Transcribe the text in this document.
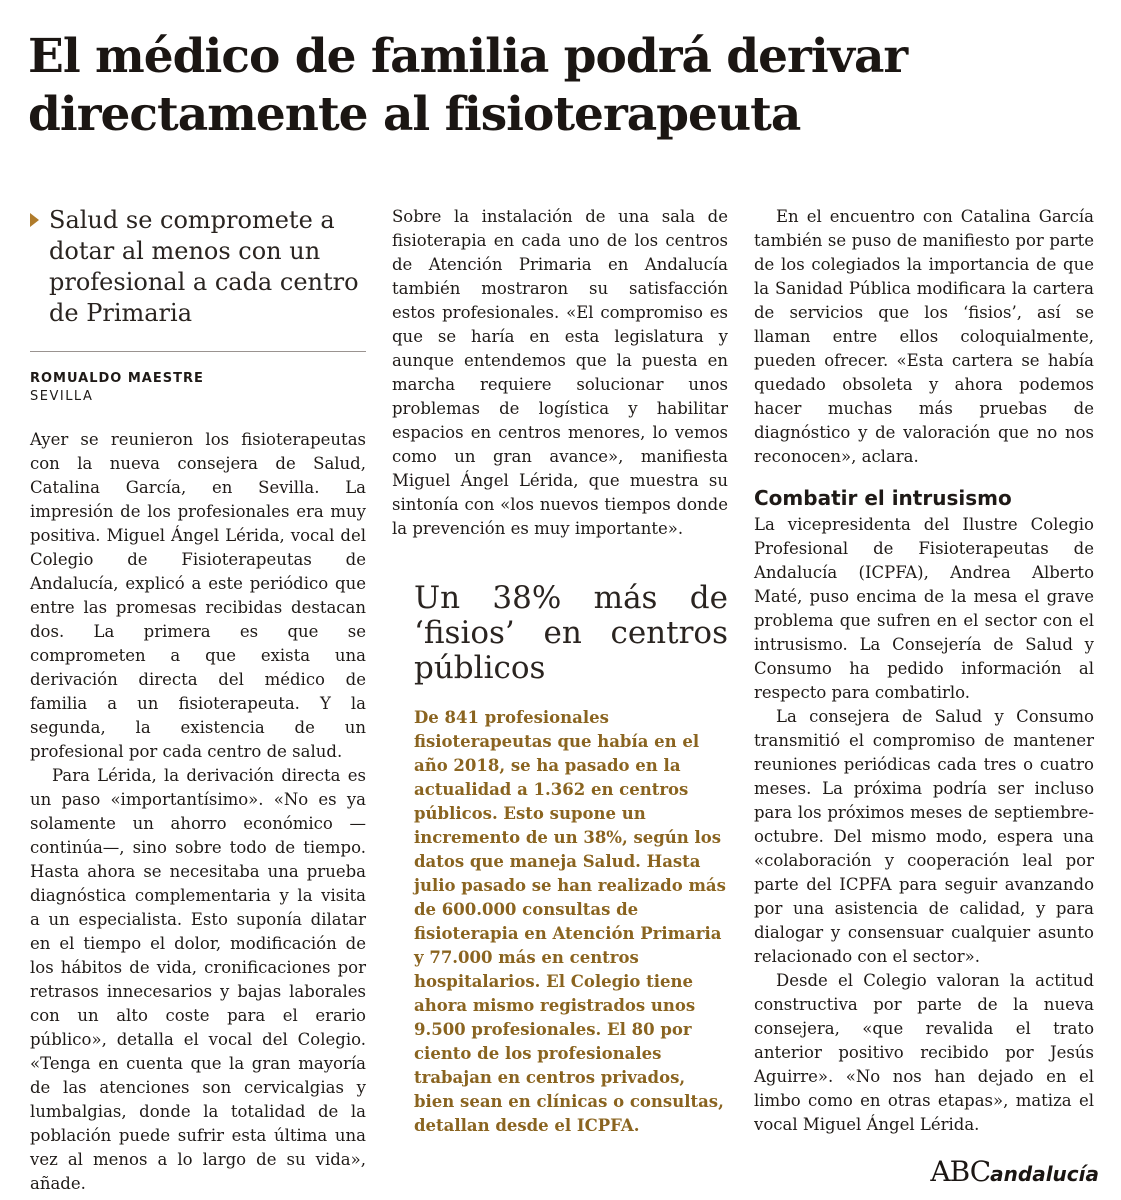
El médico de familia podrá derivar directamente al fisioterapeuta
Salud se compromete a dotar al menos con un profesional a cada centro de Primaria
ROMUALDO MAESTRE
SEVILLA

Ayer se reunieron los fisioterapeutas con la nueva consejera de Salud, Catalina García, en Sevilla. La impresión de los profesionales era muy positiva. Miguel Ángel Lérida, vocal del Colegio de Fisioterapeutas de Andalucía, explicó a este periódico que entre las promesas recibidas destacan dos. La primera es que se comprometen a que exista una derivación directa del médico de familia a un fisioterapeuta. Y la segunda, la existencia de un profesional por cada centro de salud.

Para Lérida, la derivación directa es un paso «importantísimo». «No es ya solamente un ahorro económico —continúa—, sino sobre todo de tiempo. Hasta ahora se necesitaba una prueba diagnóstica complementaria y la visita a un especialista. Esto suponía dilatar en el tiempo el dolor, modificación de los hábitos de vida, cronificaciones por retrasos innecesarios y bajas laborales con un alto coste para el erario público», detalla el vocal del Colegio. «Tenga en cuenta que la gran mayoría de las atenciones son cervicalgias y lumbalgias, donde la totalidad de la población puede sufrir esta última una vez al menos a lo largo de su vida», añade.

Sobre la instalación de una sala de fisioterapia en cada uno de los centros de Atención Primaria en Andalucía también mostraron su satisfacción estos profesionales. «El compromiso es que se haría en esta legislatura y aunque entendemos que la puesta en marcha requiere solucionar unos problemas de logística y habilitar espacios en centros menores, lo vemos como un gran avance», manifiesta Miguel Ángel Lérida, que muestra su sintonía con «los nuevos tiempos donde la prevención es muy importante».

Un 38% más de ‘fisios’ en centros públicos
De 841 profesionales fisioterapeutas que había en el año 2018, se ha pasado en la actualidad a 1.362 en centros públicos. Esto supone un incremento de un 38%, según los datos que maneja Salud. Hasta julio pasado se han realizado más de 600.000 consultas de fisioterapia en Atención Primaria y 77.000 más en centros hospitalarios. El Colegio tiene ahora mismo registrados unos 9.500 profesionales. El 80 por ciento de los profesionales trabajan en centros privados, bien sean en clínicas o consultas, detallan desde el ICPFA.

En el encuentro con Catalina García también se puso de manifiesto por parte de los colegiados la importancia de que la Sanidad Pública modificara la cartera de servicios que los ‘fisios’, así se llaman entre ellos coloquialmente, pueden ofrecer. «Esta cartera se había quedado obsoleta y ahora podemos hacer muchas más pruebas de diagnóstico y de valoración que no nos reconocen», aclara.

Combatir el intrusismo

La vicepresidenta del Ilustre Colegio Profesional de Fisioterapeutas de Andalucía (ICPFA), Andrea Alberto Maté, puso encima de la mesa el grave problema que sufren en el sector con el intrusismo. La Consejería de Salud y Consumo ha pedido información al respecto para combatirlo.

La consejera de Salud y Consumo transmitió el compromiso de mantener reuniones periódicas cada tres o cuatro meses. La próxima podría ser incluso para los próximos meses de septiembre-octubre. Del mismo modo, espera una «colaboración y cooperación leal por parte del ICPFA para seguir avanzando por una asistencia de calidad, y para dialogar y consensuar cualquier asunto relacionado con el sector».

Desde el Colegio valoran la actitud constructiva por parte de la nueva consejera, «que revalida el trato anterior positivo recibido por Jesús Aguirre». «No nos han dejado en el limbo como en otras etapas», matiza el vocal Miguel Ángel Lérida.

ABC andalucía
